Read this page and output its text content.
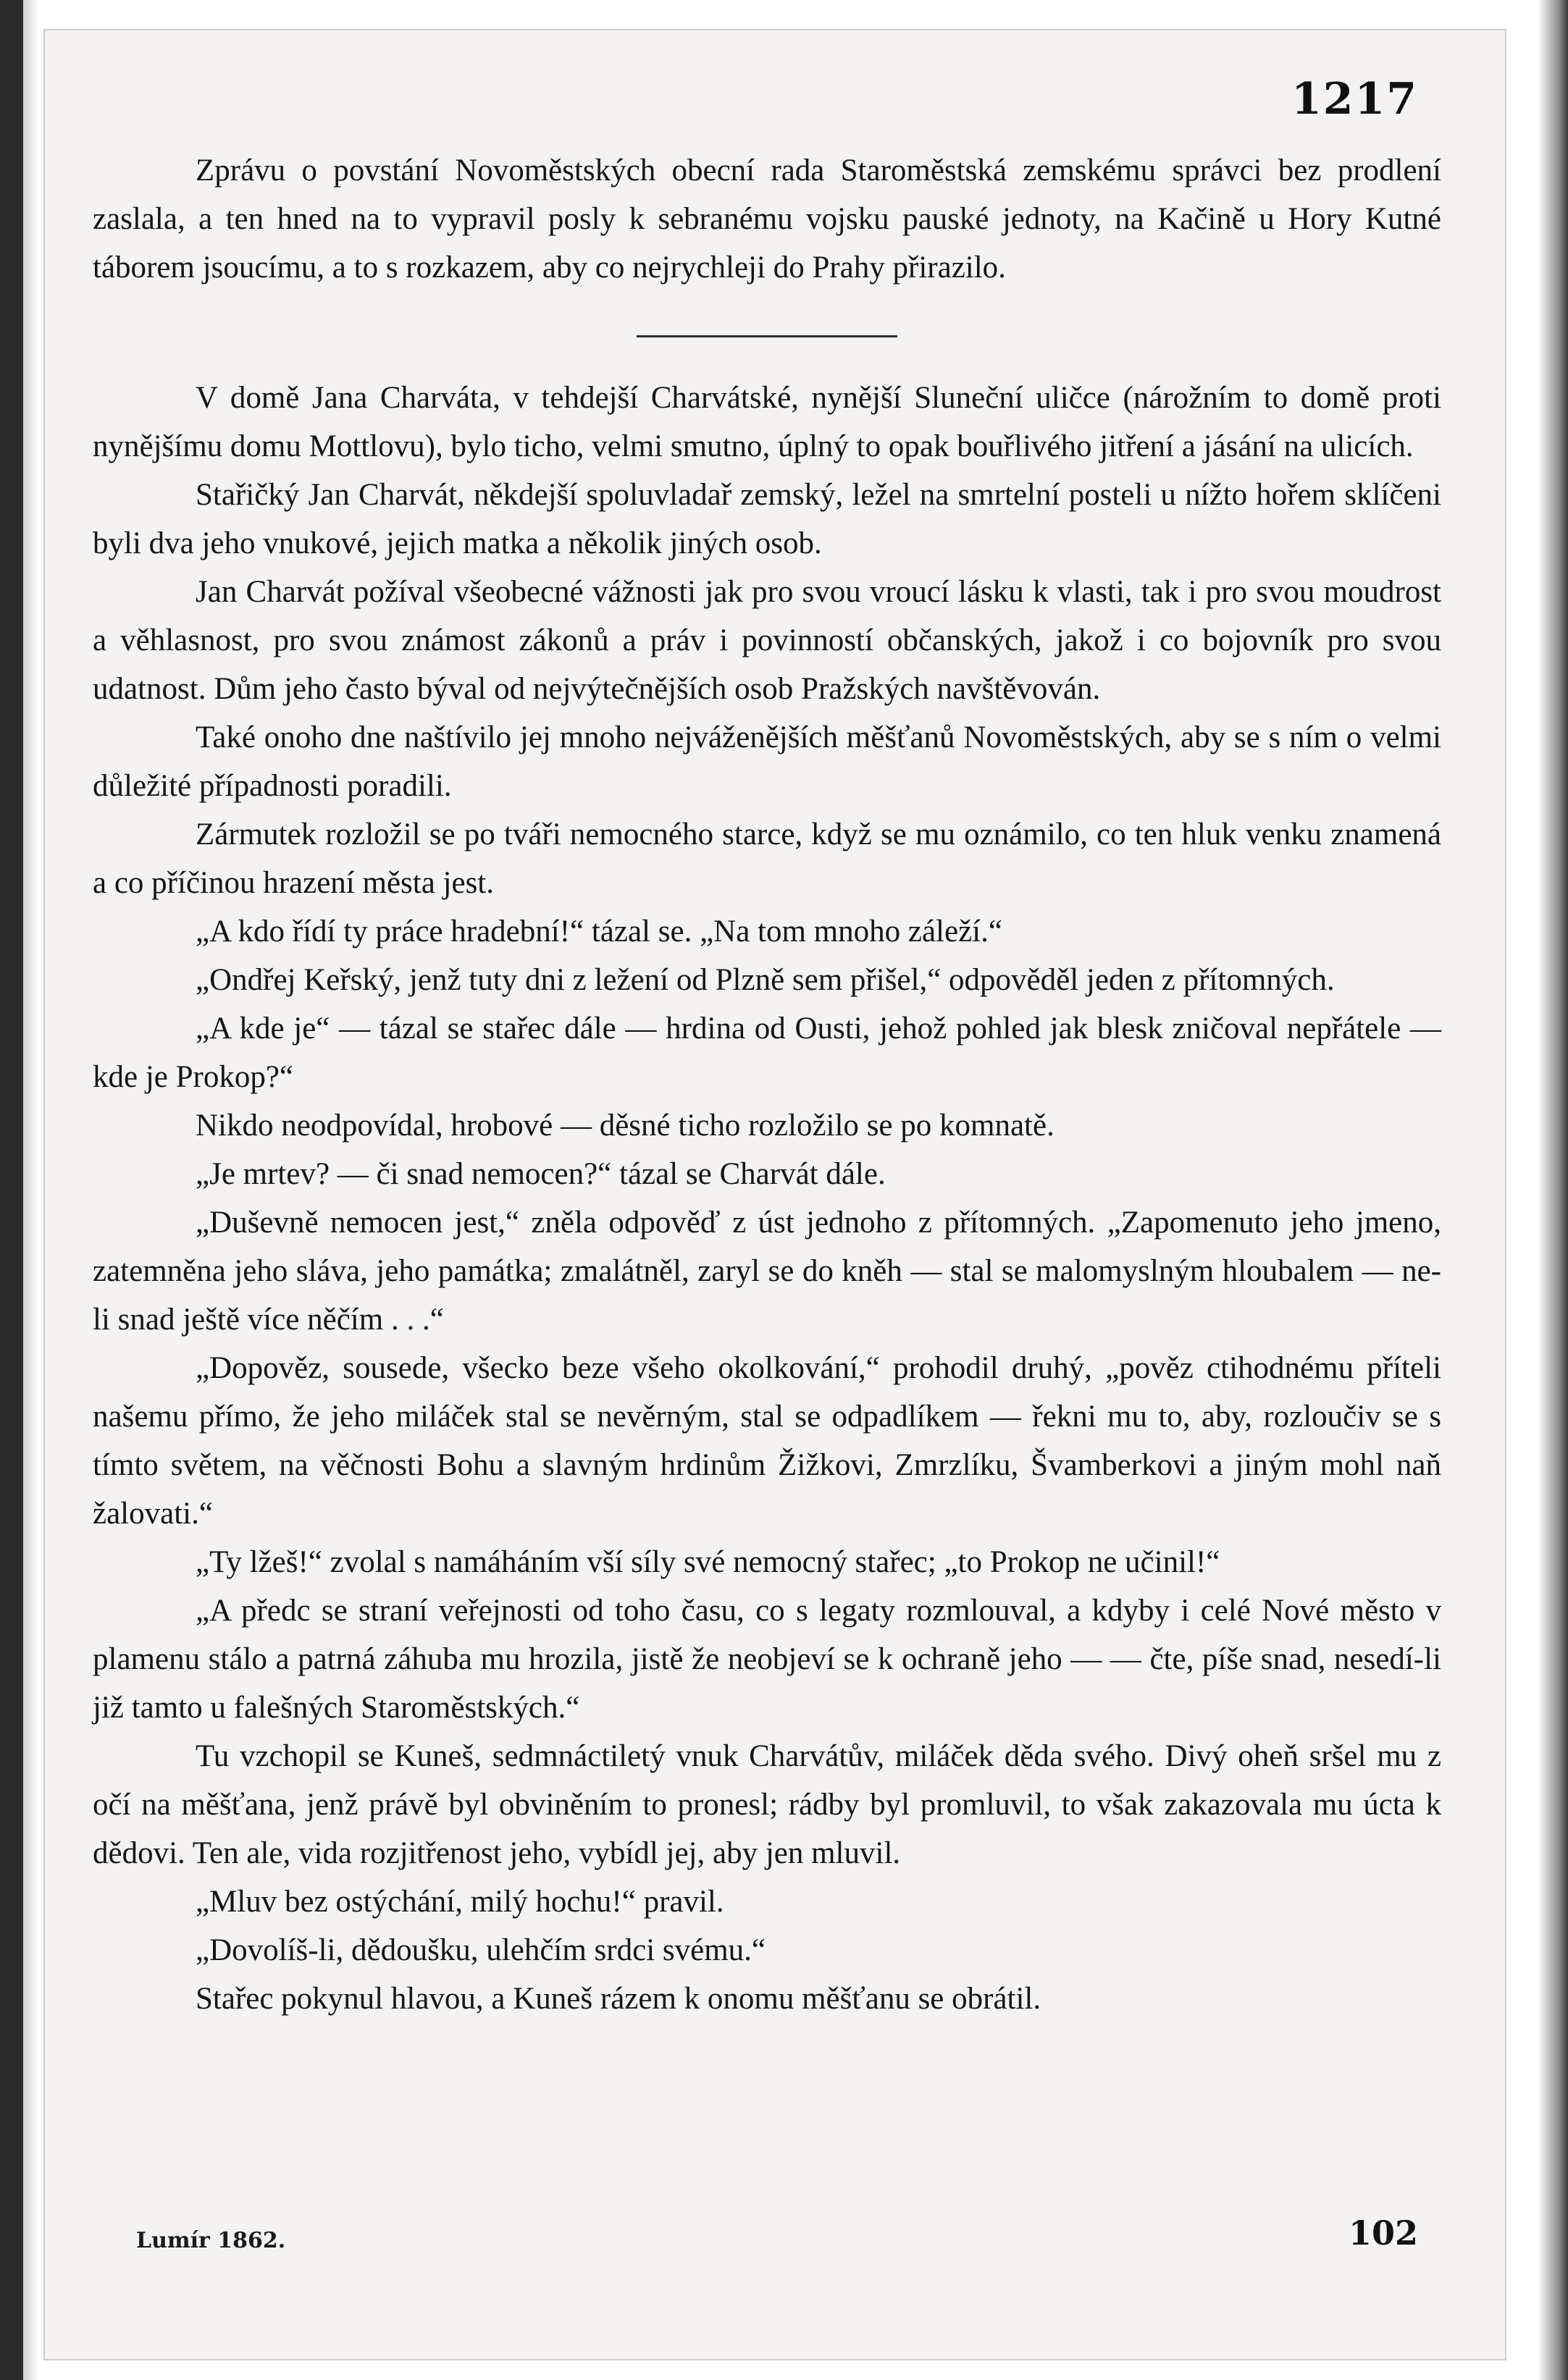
1217

Zprávu o povstání Novoměstských obecní rada Staroměstská zemskému správci bez prodlení zaslala, a ten hned na to vypravil posly k sebranému vojsku pauské jednoty, na Kačině u Hory Kutné táborem jsoucímu, a to s rozkazem, aby co nejrychleji do Prahy přirazilo.

V domě Jana Charváta, v tehdejší Charvátské, nynější Sluneční uličce (nárožním to domě proti nynějšímu domu Mottlovu), bylo ticho, velmi smutno, úplný to opak bouřlivého jitření a jásání na ulicích.

Stařičký Jan Charvát, někdejší spoluvladař zemský, ležel na smrtelní posteli u nížto hořem sklíčeni byli dva jeho vnukové, jejich matka a několik jiných osob.

Jan Charvát požíval všeobecné vážnosti jak pro svou vroucí lásku k vlasti, tak i pro svou moudrost a věhlasnost, pro svou známost zákonů a práv i povinností občanských, jakož i co bojovník pro svou udatnost. Dům jeho často býval od nejvýtečnějších osob Pražských navštěvován.

Také onoho dne naštívilo jej mnoho nejváženějších měšťanů Novoměstských, aby se s ním o velmi důležité případnosti poradili.

Zármutek rozložil se po tváři nemocného starce, když se mu oznámilo, co ten hluk venku znamená a co příčinou hrazení města jest.

„A kdo řídí ty práce hradební!“ tázal se. „Na tom mnoho záleží.“

„Ondřej Keřský, jenž tuty dni z ležení od Plzně sem přišel,“ odpověděl jeden z přítomných.

„A kde je“ — tázal se stařec dále — hrdina od Ousti, jehož pohled jak blesk zničoval nepřátele — kde je Prokop?“

Nikdo neodpovídal, hrobové — děsné ticho rozložilo se po komnatě.

„Je mrtev? — či snad nemocen?“ tázal se Charvát dále.

„Duševně nemocen jest,“ zněla odpověď z úst jednoho z přítomných. „Zapomenuto jeho jmeno, zatemněna jeho sláva, jeho památka; zmalátněl, zaryl se do kněh — stal se malomyslným hloubalem — ne-li snad ještě více něčím . . .“

„Dopověz, sousede, všecko beze všeho okolkování,“ prohodil druhý, „pověz ctihodnému příteli našemu přímo, že jeho miláček stal se nevěrným, stal se odpadlíkem — řekni mu to, aby, rozloučiv se s tímto světem, na věčnosti Bohu a slavným hrdinům Žižkovi, Zmrzlíku, Švamberkovi a jiným mohl naň žalovati.“

„Ty lžeš!“ zvolal s namáháním vší síly své nemocný stařec; „to Prokop ne učinil!“

„A předc se straní veřejnosti od toho času, co s legaty rozmlouval, a kdyby i celé Nové město v plamenu stálo a patrná záhuba mu hrozila, jistě že neobjeví se k ochraně jeho — — čte, píše snad, nesedí-li již tamto u falešných Staroměstských.“

Tu vzchopil se Kuneš, sedmnáctiletý vnuk Charvátův, miláček děda svého. Divý oheň sršel mu z očí na měšťana, jenž právě byl obviněním to pronesl; rádby byl promluvil, to však zakazovala mu úcta k dědovi. Ten ale, vida rozjitřenost jeho, vybídl jej, aby jen mluvil.

„Mluv bez ostýchání, milý hochu!“ pravil.

„Dovolíš-li, dědoušku, ulehčím srdci svému.“

Stařec pokynul hlavou, a Kuneš rázem k onomu měšťanu se obrátil.

Lumír 1862.	102
